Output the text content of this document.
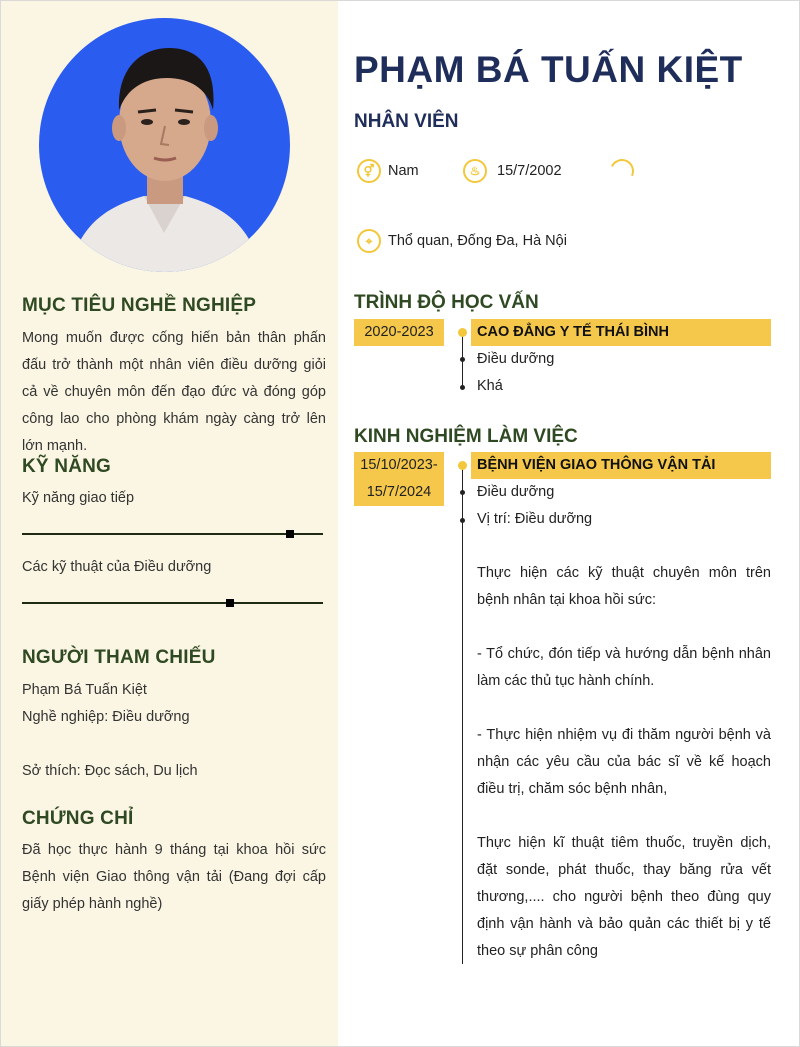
MỤC TIÊU NGHỀ NGHIỆP
Mong muốn được cống hiến bản thân phấn đấu trở thành một nhân viên điều dưỡng giỏi cả về chuyên môn đến đạo đức và đóng góp công lao cho phòng khám ngày càng trở lên lớn mạnh.
KỸ NĂNG
Kỹ năng giao tiếp
Các kỹ thuật của Điều dưỡng
NGƯỜI THAM CHIẾU
Phạm Bá Tuấn Kiệt
Nghề nghiệp: Điều dưỡng
Sở thích: Đọc sách, Du lịch
CHỨNG CHỈ
Đã học thực hành 9 tháng tại khoa hồi sức Bệnh viện Giao thông vận tải (Đang đợi cấp giấy phép hành nghề)
PHẠM BÁ TUẤN KIỆT
NHÂN VIÊN
⚥ Nam	♨	15/7/2002
⌖	Thổ quan, Đống Đa, Hà Nội
TRÌNH ĐỘ HỌC VẤN
2020-2023	CAO ĐẲNG Y TẾ THÁI BÌNH
Điều dưỡng
Khá
KINH NGHIỆM LÀM VIỆC
15/10/2023-
15/7/2024
BỆNH VIỆN GIAO THÔNG VẬN TẢI
Điều dưỡng
Vị trí: Điều dưỡng

Thực hiện các kỹ thuật chuyên môn trên bệnh nhân tại khoa hồi sức:

- Tổ chức, đón tiếp và hướng dẫn bệnh nhân làm các thủ tục hành chính.

- Thực hiện nhiệm vụ đi thăm người bệnh và nhận các yêu cầu của bác sĩ về kế hoạch điều trị, chăm sóc bệnh nhân,

Thực hiện kĩ thuật tiêm thuốc, truyền dịch, đặt sonde, phát thuốc, thay băng rửa vết thương,.... cho người bệnh theo đùng quy định vận hành và bảo quản các thiết bị y tế theo sự phân công
